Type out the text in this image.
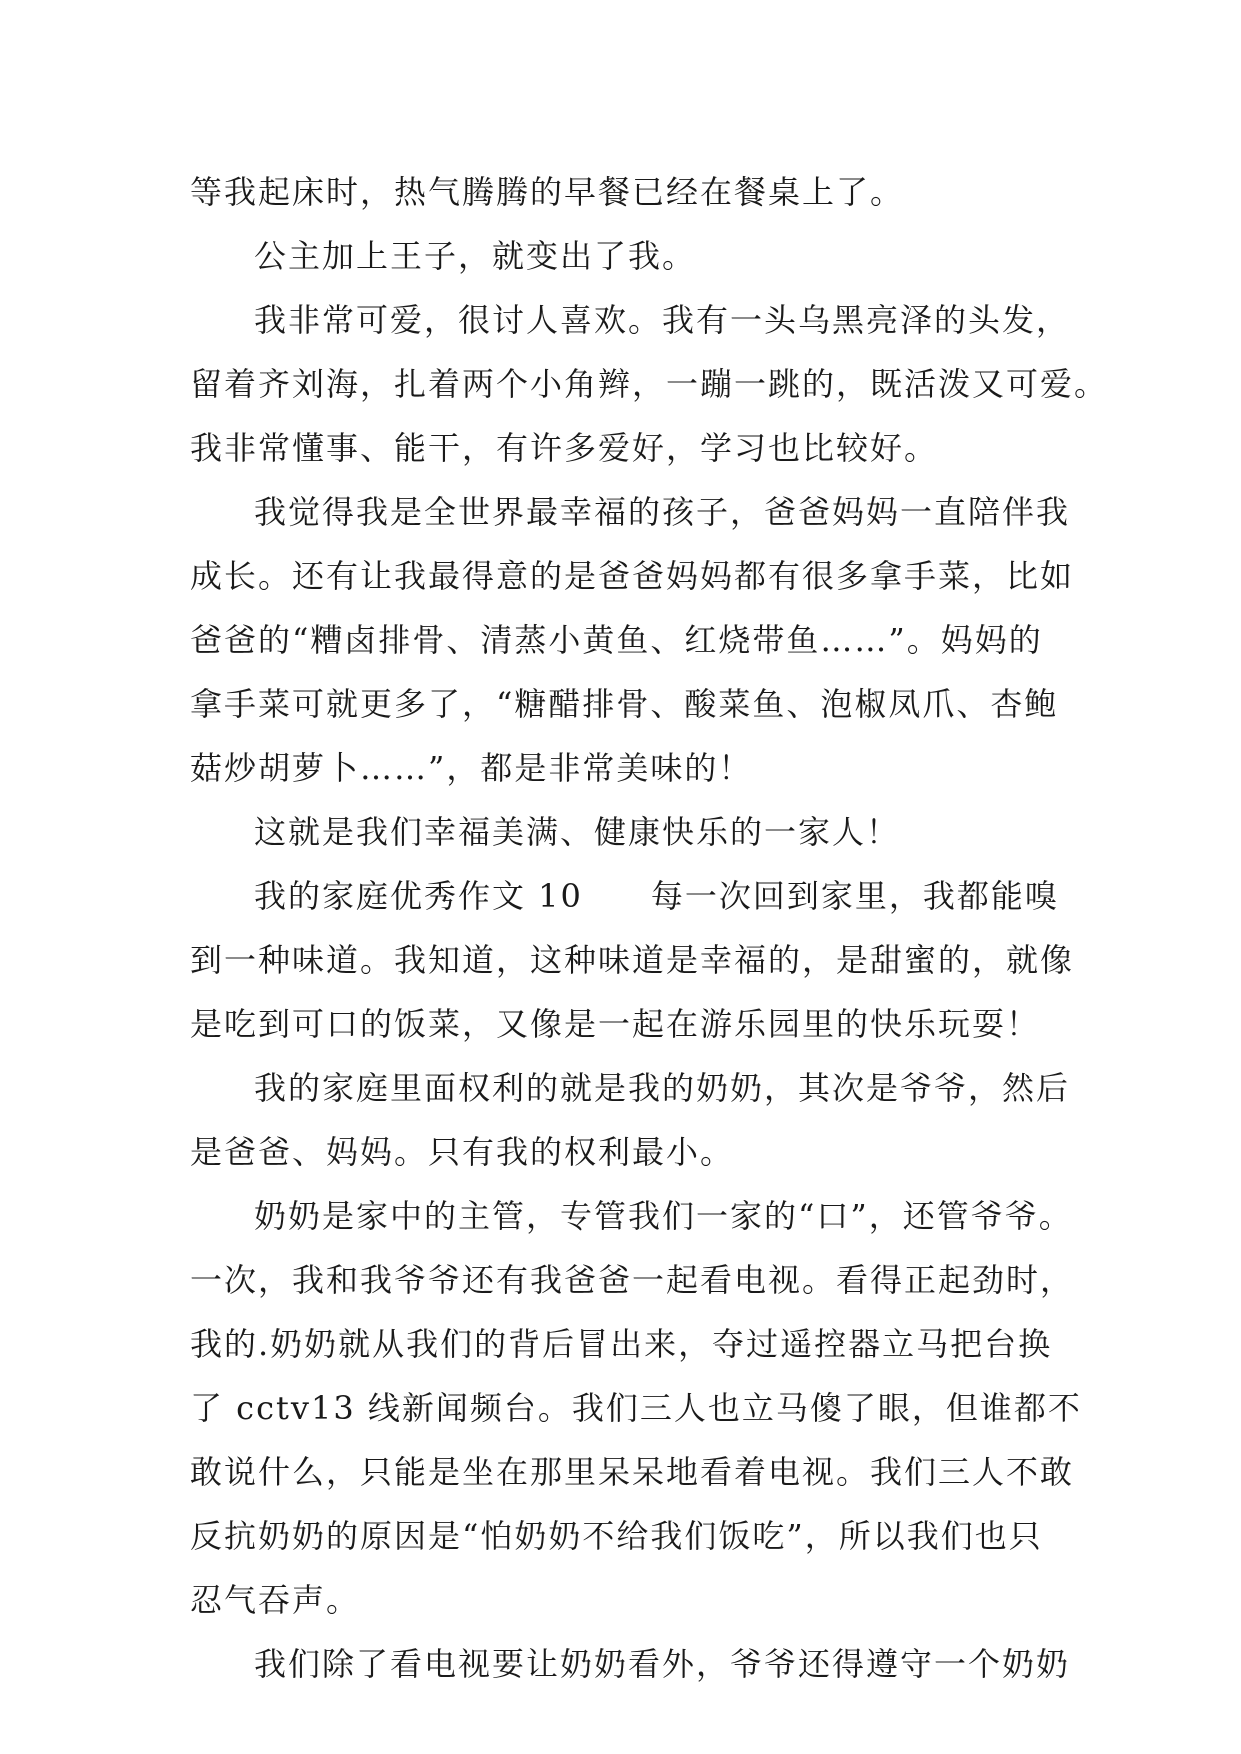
等我起床时，热气腾腾的早餐已经在餐桌上了。
公主加上王子，就变出了我。
我非常可爱，很讨人喜欢。我有一头乌黑亮泽的头发，
留着齐刘海，扎着两个小角辫，一蹦一跳的，既活泼又可爱。
我非常懂事、能干，有许多爱好，学习也比较好。
我觉得我是全世界最幸福的孩子，爸爸妈妈一直陪伴我
成长。还有让我最得意的是爸爸妈妈都有很多拿手菜，比如
爸爸的“糟卤排骨、清蒸小黄鱼、红烧带鱼……”。妈妈的
拿手菜可就更多了，“糖醋排骨、酸菜鱼、泡椒凤爪、杏鲍
菇炒胡萝卜……”，都是非常美味的！
这就是我们幸福美满、健康快乐的一家人！
我的家庭优秀作文 10　　每一次回到家里，我都能嗅
到一种味道。我知道，这种味道是幸福的，是甜蜜的，就像
是吃到可口的饭菜，又像是一起在游乐园里的快乐玩耍！
我的家庭里面权利的就是我的奶奶，其次是爷爷，然后
是爸爸、妈妈。只有我的权利最小。
奶奶是家中的主管，专管我们一家的“口”，还管爷爷。
一次，我和我爷爷还有我爸爸一起看电视。看得正起劲时，
我的.奶奶就从我们的背后冒出来，夺过遥控器立马把台换
了 cctv13 线新闻频台。我们三人也立马傻了眼，但谁都不
敢说什么，只能是坐在那里呆呆地看着电视。我们三人不敢
反抗奶奶的原因是“怕奶奶不给我们饭吃”，所以我们也只
忍气吞声。
我们除了看电视要让奶奶看外，爷爷还得遵守一个奶奶
